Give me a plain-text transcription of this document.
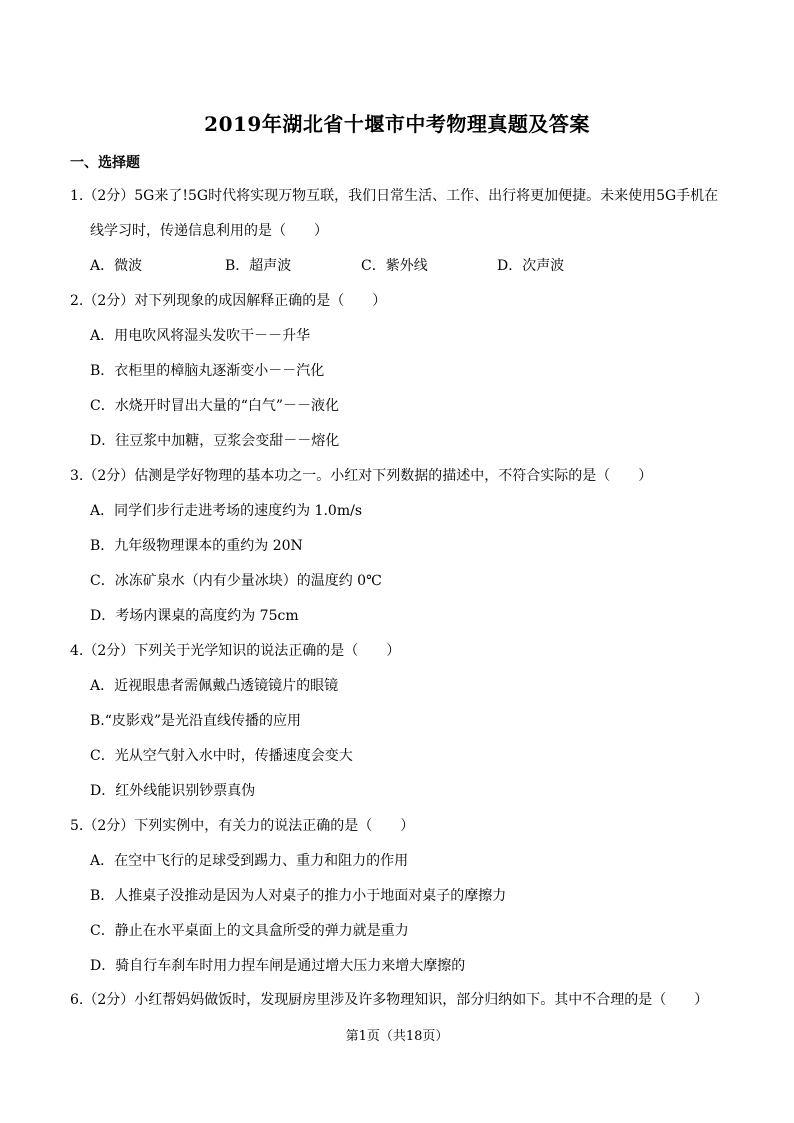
2019年湖北省十堰市中考物理真题及答案
一、选择题
1.（2分）5G来了!5G时代将实现万物互联，我们日常生活、工作、出行将更加便捷。未来使用5G手机在
线学习时，传递信息利用的是（　　）
A．微波	B．超声波	C．紫外线	D．次声波
2.（2分）对下列现象的成因解释正确的是（　　）
A．用电吹风将湿头发吹干－－升华
B．衣柜里的樟脑丸逐渐变小－－汽化
C．水烧开时冒出大量的“白气”－－液化
D．往豆浆中加糖，豆浆会变甜－－熔化
3.（2分）估测是学好物理的基本功之一。小红对下列数据的描述中，不符合实际的是（　　）
A．同学们步行走进考场的速度约为 1.0m/s
B．九年级物理课本的重约为 20N
C．冰冻矿泉水（内有少量冰块）的温度约 0℃
D．考场内课桌的高度约为 75cm
4.（2分）下列关于光学知识的说法正确的是（　　）
A．近视眼患者需佩戴凸透镜镜片的眼镜
B.“皮影戏”是光沿直线传播的应用
C．光从空气射入水中时，传播速度会变大
D．红外线能识别钞票真伪
5.（2分）下列实例中，有关力的说法正确的是（　　）
A．在空中飞行的足球受到踢力、重力和阻力的作用
B．人推桌子没推动是因为人对桌子的推力小于地面对桌子的摩擦力
C．静止在水平桌面上的文具盒所受的弹力就是重力
D．骑自行车刹车时用力捏车闸是通过增大压力来增大摩擦的
6.（2分）小红帮妈妈做饭时，发现厨房里涉及许多物理知识，部分归纳如下。其中不合理的是（　　）
第1页（共18页）
